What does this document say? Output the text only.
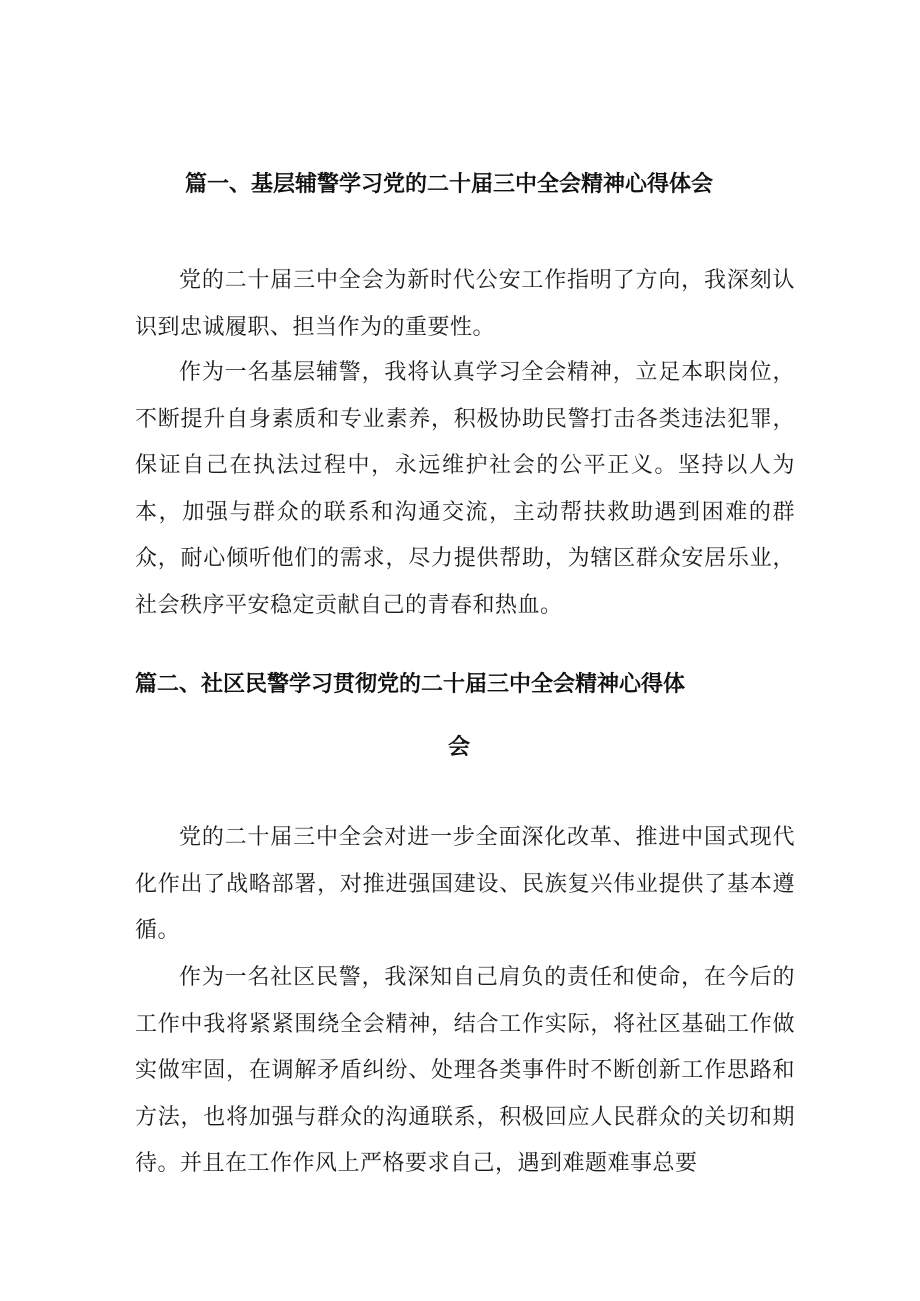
篇一、基层辅警学习党的二十届三中全会精神心得体会

党的二十届三中全会为新时代公安工作指明了方向，我深刻认识到忠诚履职、担当作为的重要性。

作为一名基层辅警，我将认真学习全会精神，立足本职岗位，不断提升自身素质和专业素养，积极协助民警打击各类违法犯罪，保证自己在执法过程中，永远维护社会的公平正义。坚持以人为本，加强与群众的联系和沟通交流，主动帮扶救助遇到困难的群众，耐心倾听他们的需求，尽力提供帮助，为辖区群众安居乐业，社会秩序平安稳定贡献自己的青春和热血。

篇二、社区民警学习贯彻党的二十届三中全会精神心得体
会

党的二十届三中全会对进一步全面深化改革、推进中国式现代化作出了战略部署，对推进强国建设、民族复兴伟业提供了基本遵循。

作为一名社区民警，我深知自己肩负的责任和使命，在今后的工作中我将紧紧围绕全会精神，结合工作实际，将社区基础工作做实做牢固，在调解矛盾纠纷、处理各类事件时不断创新工作思路和方法，也将加强与群众的沟通联系，积极回应人民群众的关切和期待。并且在工作作风上严格要求自己，遇到难题难事总要
